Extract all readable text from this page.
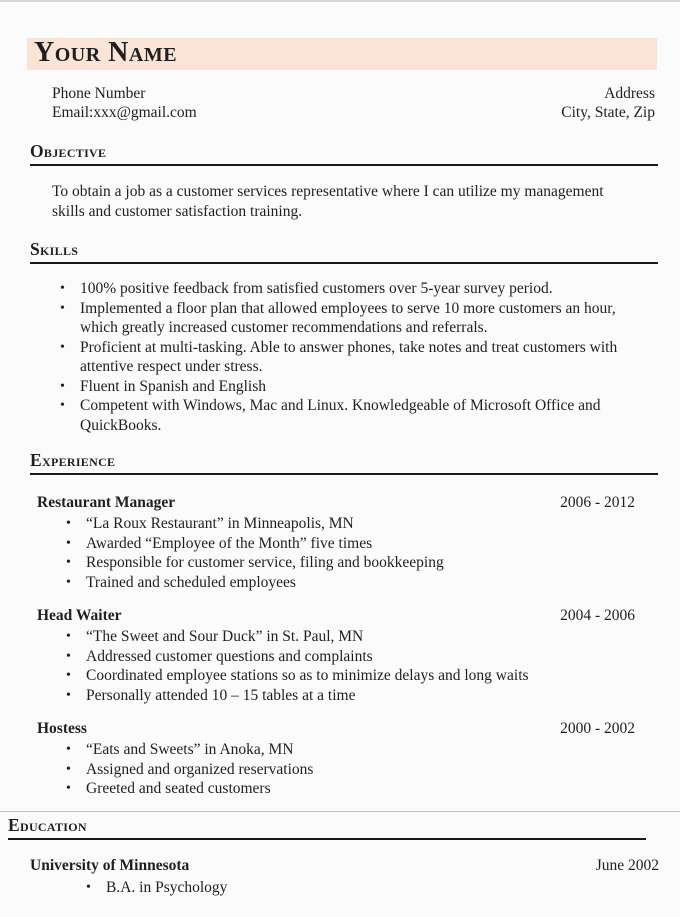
Your Name
Phone Number
Email:xxx@gmail.com
Address
City, State, Zip
Objective

To obtain a job as a customer services representative where I can utilize my management skills and customer satisfaction training.

Skills
• 100% positive feedback from satisfied customers over 5-year survey period.
• Implemented a floor plan that allowed employees to serve 10 more customers an hour, which greatly increased customer recommendations and referrals.
• Proficient at multi-tasking. Able to answer phones, take notes and treat customers with attentive respect under stress.
• Fluent in Spanish and English
• Competent with Windows, Mac and Linux. Knowledgeable of Microsoft Office and QuickBooks.
Experience
Restaurant Manager	2006 - 2012
• “La Roux Restaurant” in Minneapolis, MN
• Awarded “Employee of the Month” five times
• Responsible for customer service, filing and bookkeeping
• Trained and scheduled employees
Head Waiter	2004 - 2006
• “The Sweet and Sour Duck” in St. Paul, MN
• Addressed customer questions and complaints
• Coordinated employee stations so as to minimize delays and long waits
• Personally attended 10 – 15 tables at a time
Hostess	2000 - 2002
• “Eats and Sweets” in Anoka, MN
• Assigned and organized reservations
• Greeted and seated customers
Education
University of Minnesota	June 2002
• B.A. in Psychology
